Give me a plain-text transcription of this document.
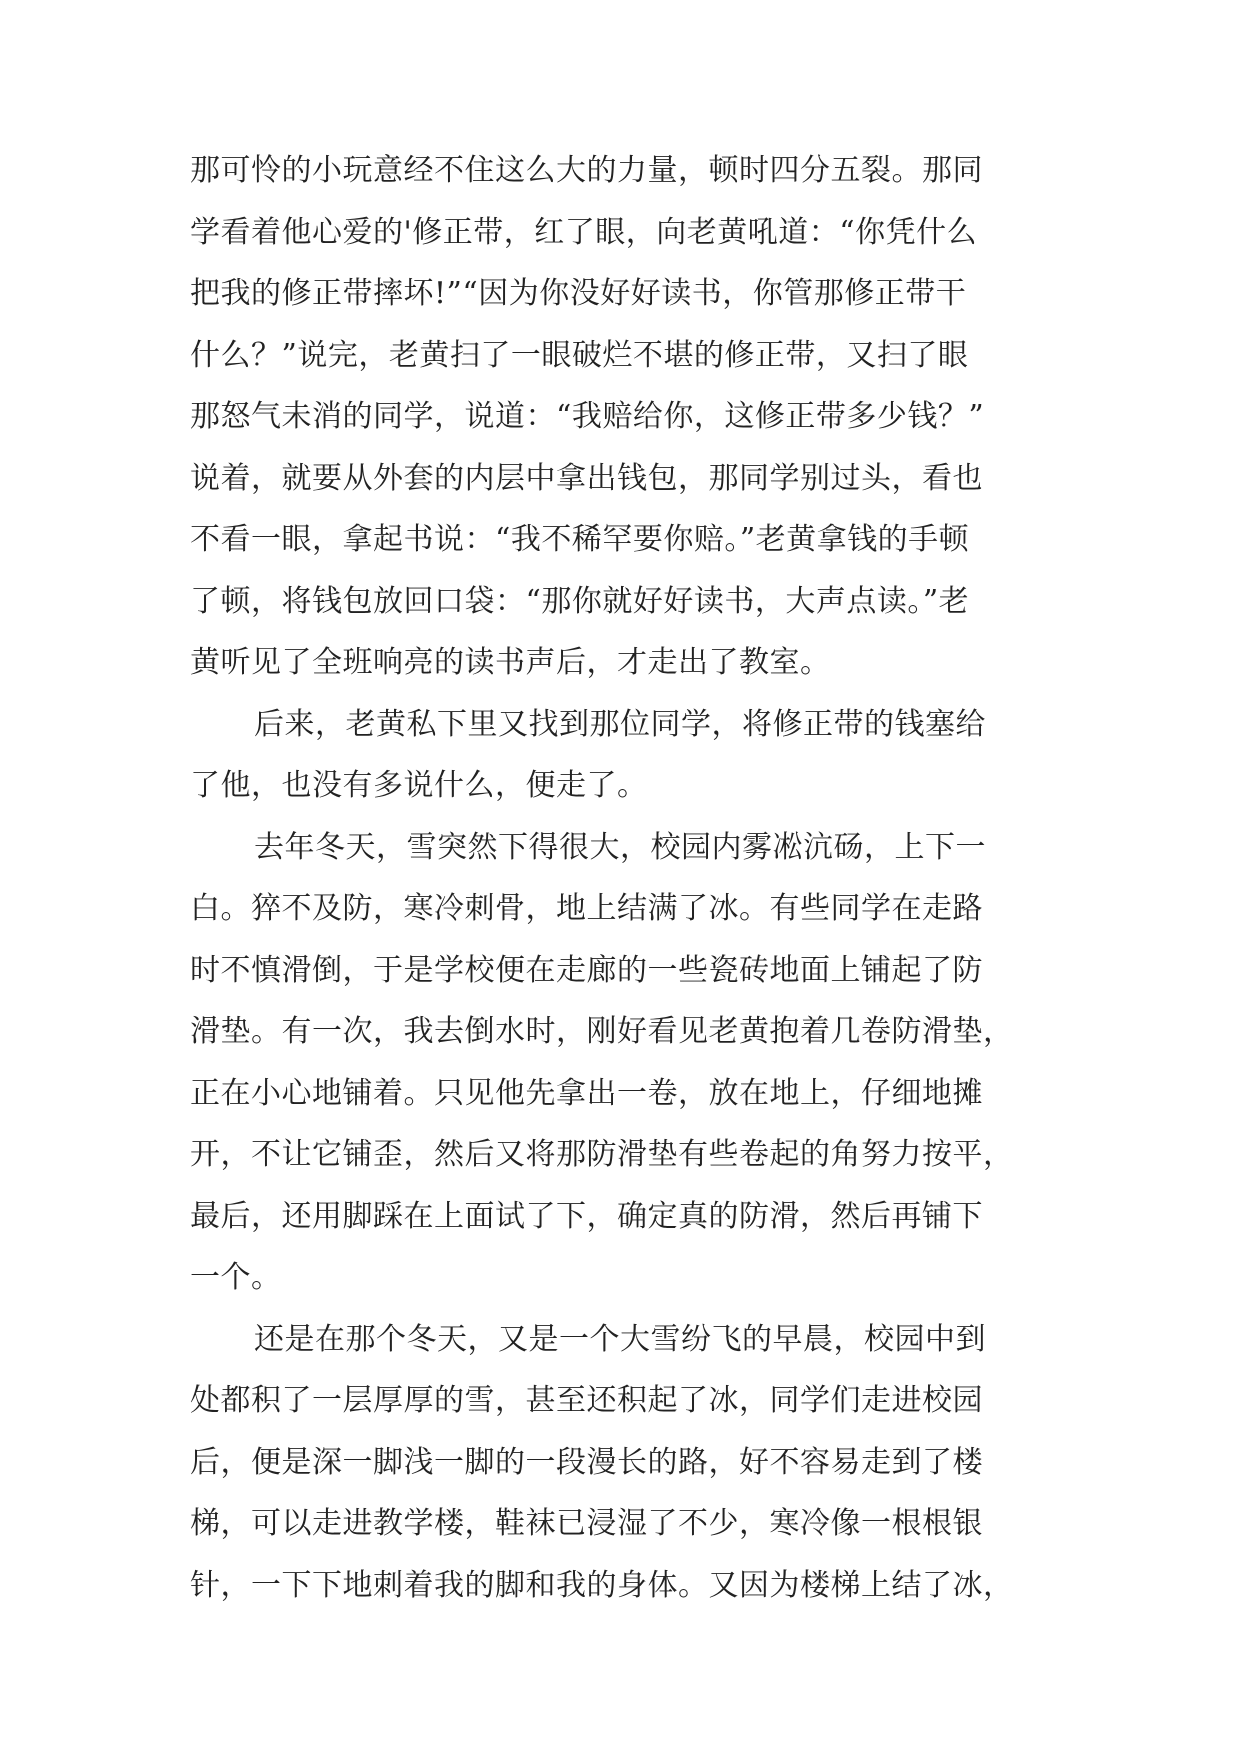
那可怜的小玩意经不住这么大的力量，顿时四分五裂。那同
学看着他心爱的'修正带，红了眼，向老黄吼道：“你凭什么
把我的修正带摔坏!”“因为你没好好读书，你管那修正带干
什么？”说完，老黄扫了一眼破烂不堪的修正带，又扫了眼
那怒气未消的同学，说道：“我赔给你，这修正带多少钱？”
说着，就要从外套的内层中拿出钱包，那同学别过头，看也
不看一眼，拿起书说：“我不稀罕要你赔。”老黄拿钱的手顿
了顿，将钱包放回口袋：“那你就好好读书，大声点读。”老
黄听见了全班响亮的读书声后，才走出了教室。
后来，老黄私下里又找到那位同学，将修正带的钱塞给
了他，也没有多说什么，便走了。
去年冬天，雪突然下得很大，校园内雾凇沆砀，上下一
白。猝不及防，寒冷刺骨，地上结满了冰。有些同学在走路
时不慎滑倒，于是学校便在走廊的一些瓷砖地面上铺起了防
滑垫。有一次，我去倒水时，刚好看见老黄抱着几卷防滑垫，
正在小心地铺着。只见他先拿出一卷，放在地上，仔细地摊
开，不让它铺歪，然后又将那防滑垫有些卷起的角努力按平，
最后，还用脚踩在上面试了下，确定真的防滑，然后再铺下
一个。
还是在那个冬天，又是一个大雪纷飞的早晨，校园中到
处都积了一层厚厚的雪，甚至还积起了冰，同学们走进校园
后，便是深一脚浅一脚的一段漫长的路，好不容易走到了楼
梯，可以走进教学楼，鞋袜已浸湿了不少，寒冷像一根根银
针，一下下地刺着我的脚和我的身体。又因为楼梯上结了冰，
